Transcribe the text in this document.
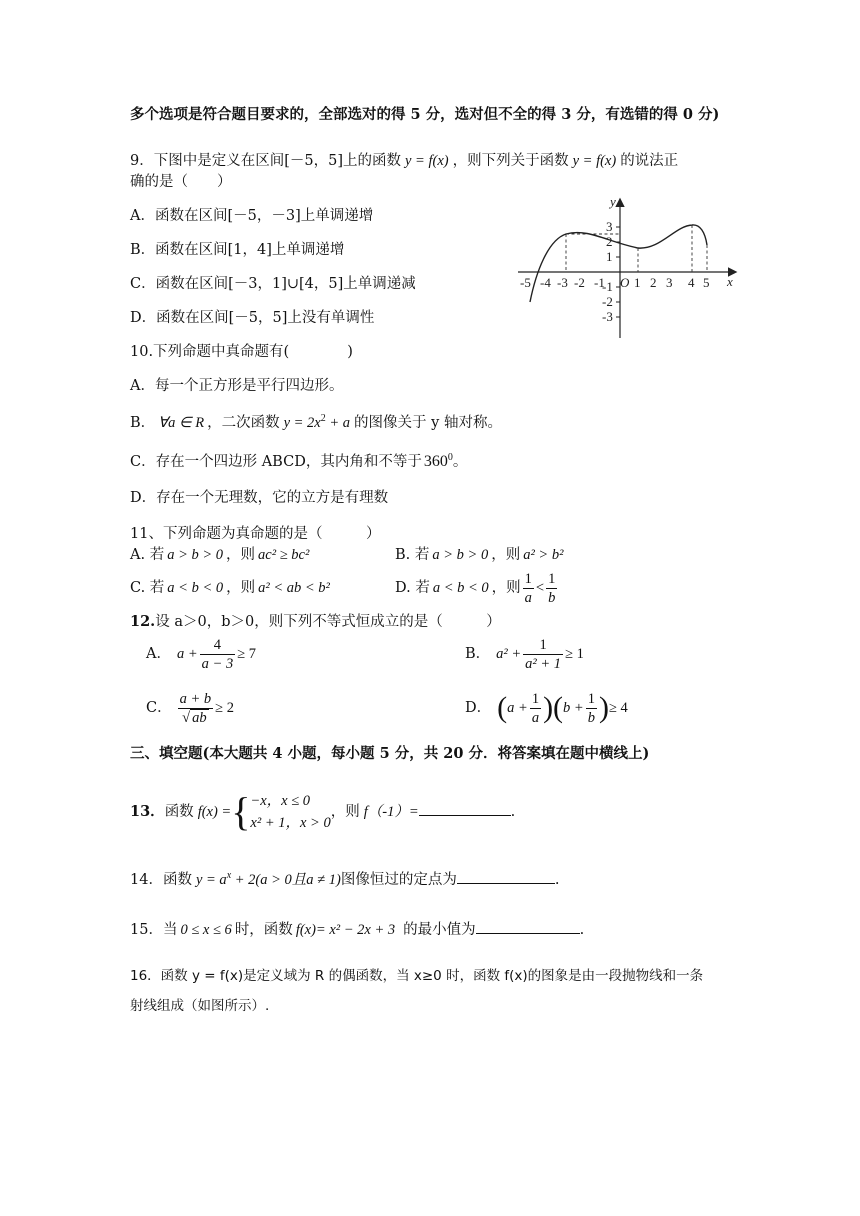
多个选项是符合题目要求的，全部选对的得 5 分，选对但不全的得 3 分，有选错的得 0 分)
9．下图中是定义在区间[－5，5]上的函数 y = f(x) ，则下列关于函数 y = f(x) 的说法正
确的是（　　）
A．函数在区间[－5，－3]上单调递增
B．函数在区间[1，4]上单调递增
C．函数在区间[－3，1]∪[4，5]上单调递减
D．函数在区间[－5，5]上没有单调性
y
x
O
-5 -4 -3 -2 -1 1 2 3 4 5
3
2
1
-1
-2
-3
10.下列命题中真命题有(　　　　)
A．每一个正方形是平行四边形。
B． ∀a ∈ R ，二次函数 $y = 2x^2 + a$ 的图像关于 y 轴对称。
C．存在一个四边形 ABCD，其内角和不等于 $360^0$。
D．存在一个无理数，它的立方是有理数
11、下列命题为真命题的是（　　　）
A. 若 a > b > 0 ，则 ac² ≥ bc²	B. 若 a > b > 0 ，则 a² > b²
C. 若 a < b < 0 ，则 a² < ab < b²	D. 若 a < b < 0 ，则 $\frac{1}{a} < \frac{1}{b}$
12.设 a＞0，b＞0，则下列不等式恒成立的是（　　　）
A． $a + \frac{4}{a - 3} \ge 7$	B． $a^2 + \frac{1}{\text{a² + 1}} \ge 1$
C． $\frac{a + b}{√ ab} \ge 2$	D． $(a + \frac{1}{a} )(b + \frac{1}{b}$ )≥ 4
三、填空题(本大题共 4 小题，每小题 5 分，共 20 分．将答案填在题中横线上)
13．函数 f(x) ={ −x，x ≤ 0
x² + 1，x > 0
，则 f（-1）=	.
14．函数 $y = a^x + 2(a > 0$且a ≠ 1)图像恒过的定点为	.
15．当 0 ≤ x ≤ 6 时，函数 f(x)= x² − 2x + 3 的最小值为	.
16．函数 y = f(x)是定义域为 R 的偶函数，当 x≥0 时，函数 f(x)的图象是由一段抛物线和一条
射线组成（如图所示）.
